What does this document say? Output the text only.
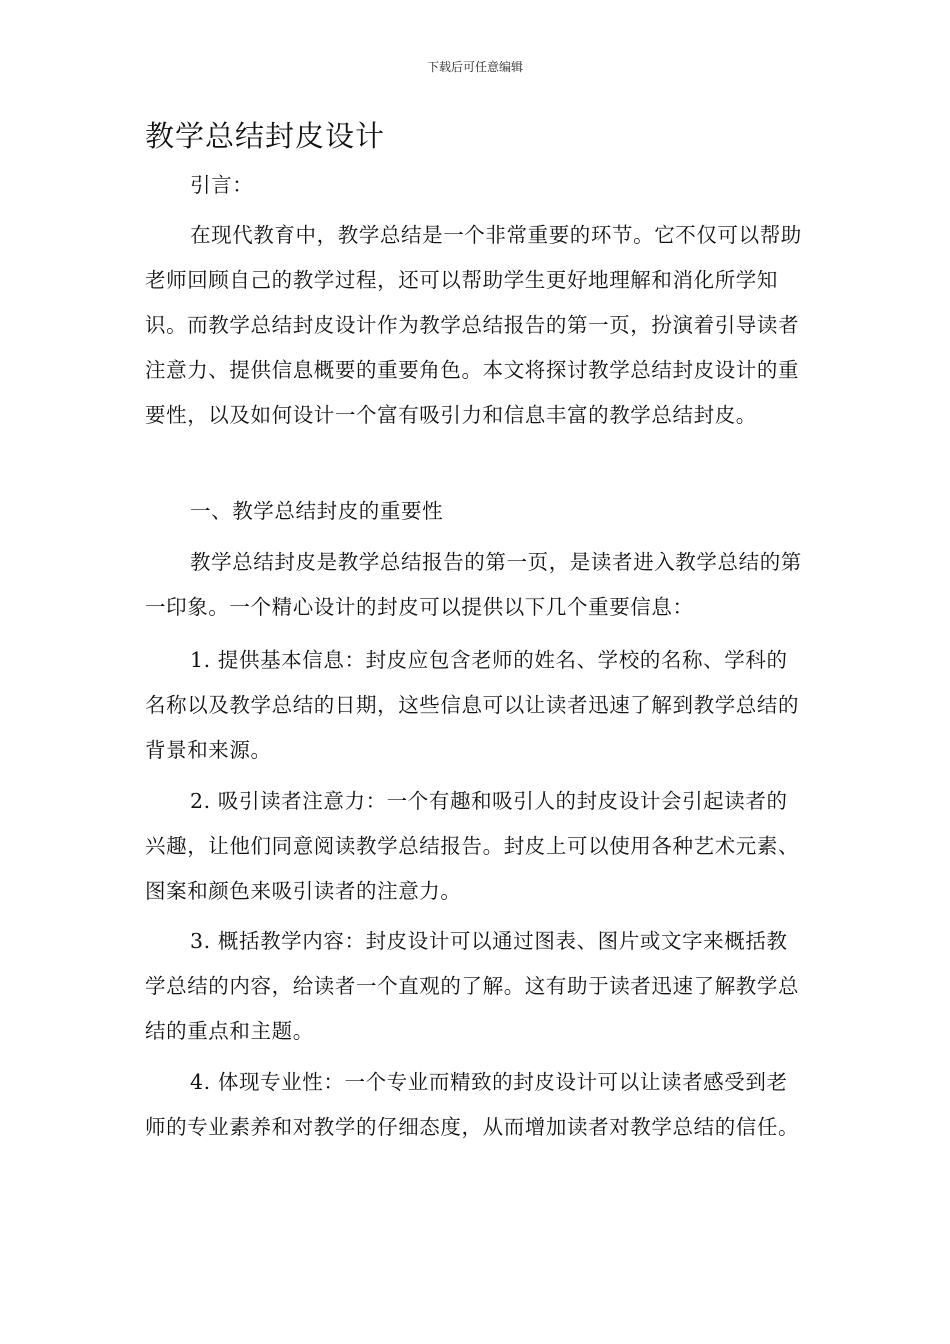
下载后可任意编辑
教学总结封皮设计

引言：

在现代教育中，教学总结是一个非常重要的环节。它不仅可以帮助老师回顾自己的教学过程，还可以帮助学生更好地理解和消化所学知识。而教学总结封皮设计作为教学总结报告的第一页，扮演着引导读者注意力、提供信息概要的重要角色。本文将探讨教学总结封皮设计的重要性，以及如何设计一个富有吸引力和信息丰富的教学总结封皮。

一、教学总结封皮的重要性

教学总结封皮是教学总结报告的第一页，是读者进入教学总结的第一印象。一个精心设计的封皮可以提供以下几个重要信息：

1. 提供基本信息：封皮应包含老师的姓名、学校的名称、学科的名称以及教学总结的日期，这些信息可以让读者迅速了解到教学总结的背景和来源。

2. 吸引读者注意力：一个有趣和吸引人的封皮设计会引起读者的兴趣，让他们同意阅读教学总结报告。封皮上可以使用各种艺术元素、图案和颜色来吸引读者的注意力。

3. 概括教学内容：封皮设计可以通过图表、图片或文字来概括教学总结的内容，给读者一个直观的了解。这有助于读者迅速了解教学总结的重点和主题。

4. 体现专业性：一个专业而精致的封皮设计可以让读者感受到老师的专业素养和对教学的仔细态度，从而增加读者对教学总结的信任。
